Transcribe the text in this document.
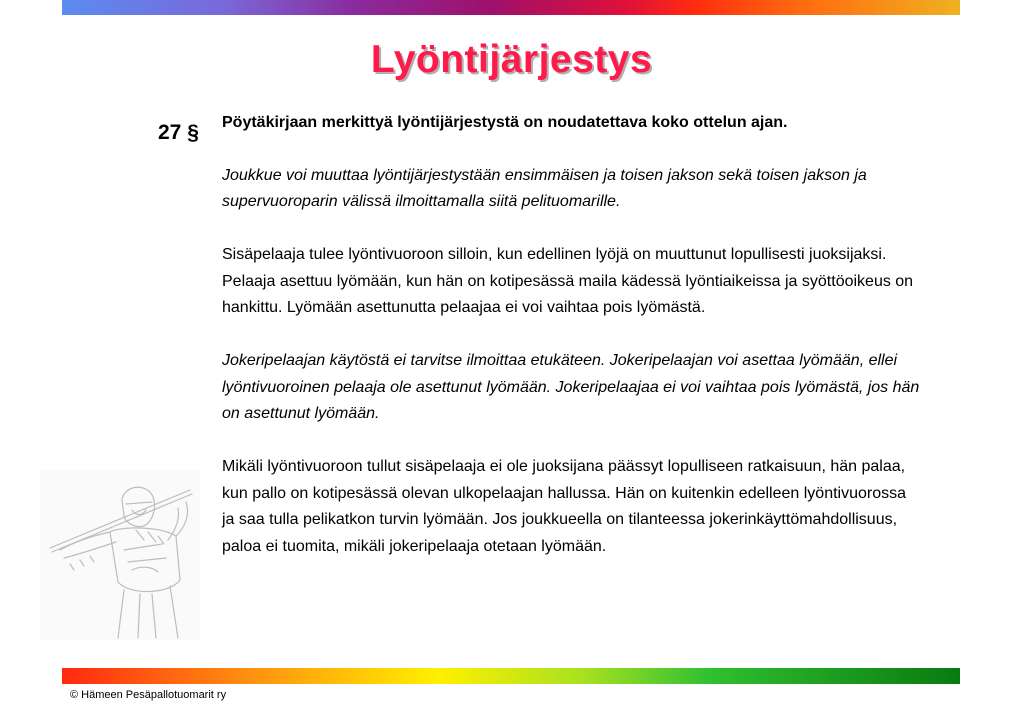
Lyöntijärjestys
27 § Pöytäkirjaan merkittyä lyöntijärjestystä on noudatettava koko ottelun ajan.

Joukkue voi muuttaa lyöntijärjestystään ensimmäisen ja toisen jakson sekä toisen jakson ja supervuoroparin välissä ilmoittamalla siitä pelituomarille.

Sisäpelaaja tulee lyöntivuoroon silloin, kun edellinen lyöjä on muuttunut lopullisesti juoksijaksi. Pelaaja asettuu lyömään, kun hän on kotipesässä maila kädessä lyöntiaikeissa ja syöttöoikeus on hankittu. Lyömään asettunutta pelaajaa ei voi vaihtaa pois lyömästä.

Jokeripelaajan käytöstä ei tarvitse ilmoittaa etukäteen. Jokeripelaajan voi asettaa lyömään, ellei lyöntivuoroinen pelaaja ole asettunut lyömään. Jokeripelaajaa ei voi vaihtaa pois lyömästä, jos hän on asettunut lyömään.

Mikäli lyöntivuoroon tullut sisäpelaaja ei ole juoksijana päässyt lopulliseen ratkaisuun, hän palaa, kun pallo on kotipesässä olevan ulkopelaajan hallussa. Hän on kuitenkin edelleen lyöntivuorossa ja saa tulla pelikatkon turvin lyömään. Jos joukkueella on tilanteessa jokerinkäyttömahdollisuus, paloa ei tuomita, mikäli jokeripelaaja otetaan lyömään.

© Hämeen Pesäpallotuomarit ry
